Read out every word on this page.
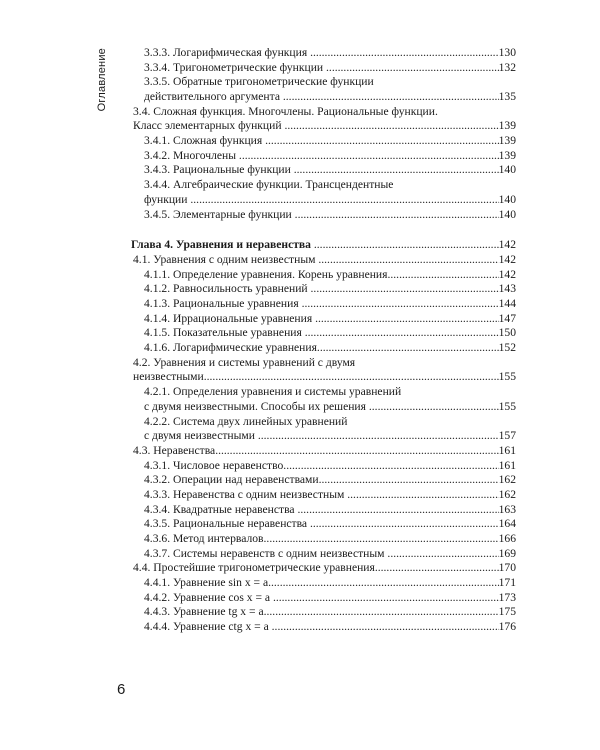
Оглавление	3.3.3. Логарифмическая функция .....	130
3.3.4. Тригонометрические функции .....	132
3.3.5. Обратные тригонометрические функции
действительного аргумента .....	135
3.4. Сложная функция. Многочлены. Рациональные функции.
Класс элементарных функций .....	139
3.4.1. Сложная функция .....	139
3.4.2. Многочлены .....	139
3.4.3. Рациональные функции .....	140
3.4.4. Алгебраические функции. Трансцендентные
функции .....	140
3.4.5. Элементарные функции .....	140
Глава 4. Уравнения и неравенства .....	142
4.1. Уравнения с одним неизвестным .....	142
4.1.1. Определение уравнения. Корень уравнения .....	142
4.1.2. Равносильность уравнений .....	143
4.1.3. Рациональные уравнения .....	144
4.1.4. Иррациональные уравнения .....	147
4.1.5. Показательные уравнения .....	150
4.1.6. Логарифмические уравнения .....	152
4.2. Уравнения и системы уравнений с двумя
неизвестными .....	155
4.2.1. Определения уравнения и системы уравнений
с двумя неизвестными. Способы их решения .....	155
4.2.2. Система двух линейных уравнений
с двумя неизвестными .....	157
4.3. Неравенства .....	161
4.3.1. Числовое неравенство .....	161
4.3.2. Операции над неравенствами .....	162
4.3.3. Неравенства с одним неизвестным .....	162
4.3.4. Квадратные неравенства .....	163
4.3.5. Рациональные неравенства .....	164
4.3.6. Метод интервалов .....	166
4.3.7. Системы неравенств с одним неизвестным .....	169
4.4. Простейшие тригонометрические уравнения .....	170
4.4.1. Уравнение sin x = a .....	171
4.4.2. Уравнение cos x = a .....	173
4.4.3. Уравнение tg x = a .....	175
4.4.4. Уравнение ctg x = a .....	176
6
